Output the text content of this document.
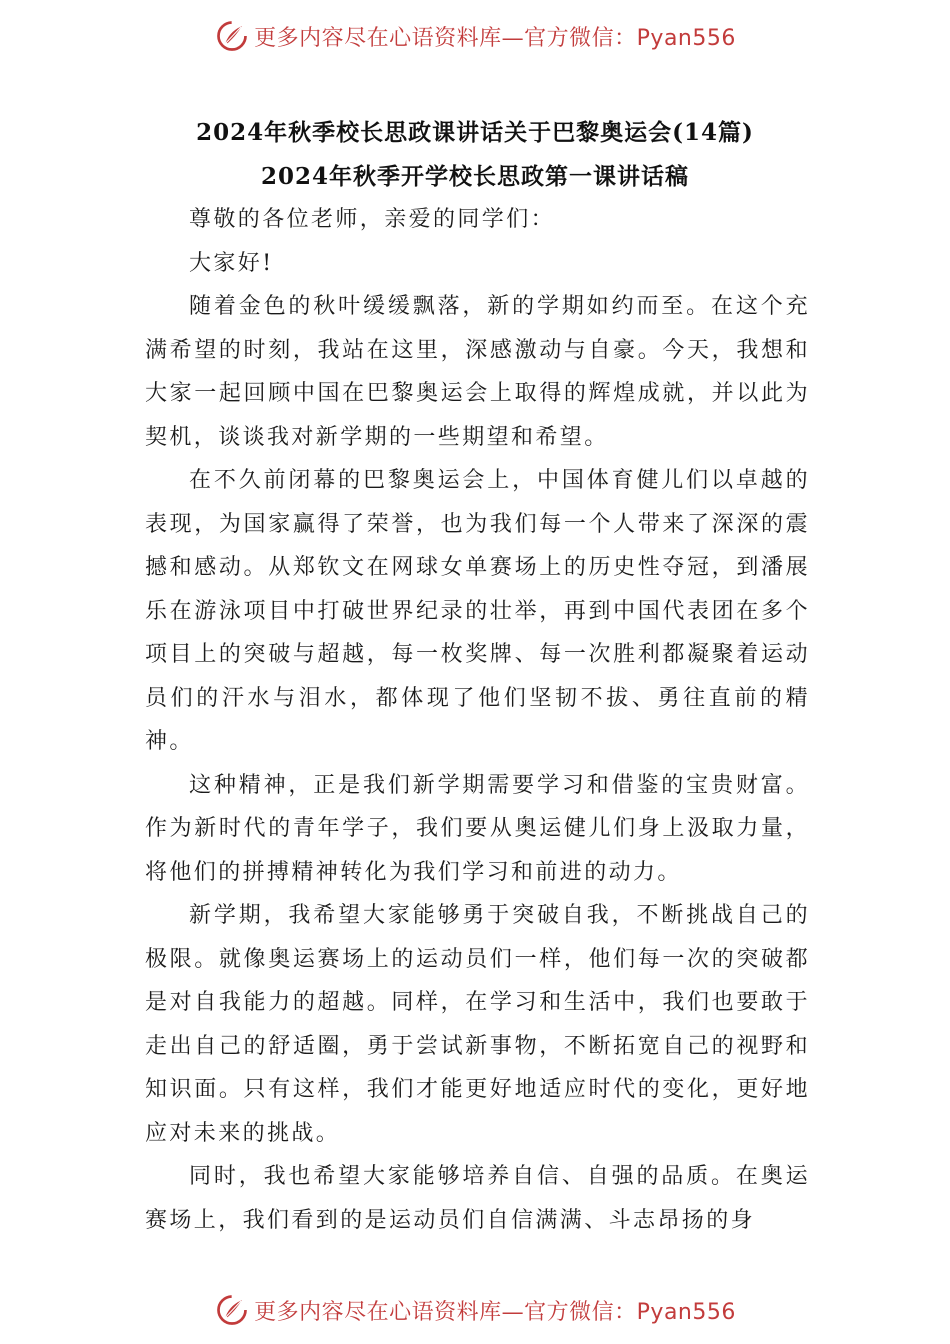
更多内容尽在心语资料库—官方微信：Pyan556
2024年秋季校长思政课讲话关于巴黎奥运会(14篇)
2024年秋季开学校长思政第一课讲话稿

尊敬的各位老师，亲爱的同学们：

大家好!

随着金色的秋叶缓缓飘落，新的学期如约而至。在这个充满希望的时刻，我站在这里，深感激动与自豪。今天，我想和大家一起回顾中国在巴黎奥运会上取得的辉煌成就，并以此为契机，谈谈我对新学期的一些期望和希望。

在不久前闭幕的巴黎奥运会上，中国体育健儿们以卓越的表现，为国家赢得了荣誉，也为我们每一个人带来了深深的震撼和感动。从郑钦文在网球女单赛场上的历史性夺冠，到潘展乐在游泳项目中打破世界纪录的壮举，再到中国代表团在多个项目上的突破与超越，每一枚奖牌、每一次胜利都凝聚着运动员们的汗水与泪水，都体现了他们坚韧不拔、勇往直前的精神。

这种精神，正是我们新学期需要学习和借鉴的宝贵财富。作为新时代的青年学子，我们要从奥运健儿们身上汲取力量，将他们的拼搏精神转化为我们学习和前进的动力。

新学期，我希望大家能够勇于突破自我，不断挑战自己的极限。就像奥运赛场上的运动员们一样，他们每一次的突破都是对自我能力的超越。同样，在学习和生活中，我们也要敢于走出自己的舒适圈，勇于尝试新事物，不断拓宽自己的视野和知识面。只有这样，我们才能更好地适应时代的变化，更好地应对未来的挑战。

同时，我也希望大家能够培养自信、自强的品质。在奥运赛场上，我们看到的是运动员们自信满满、斗志昂扬的身

更多内容尽在心语资料库—官方微信：Pyan556
